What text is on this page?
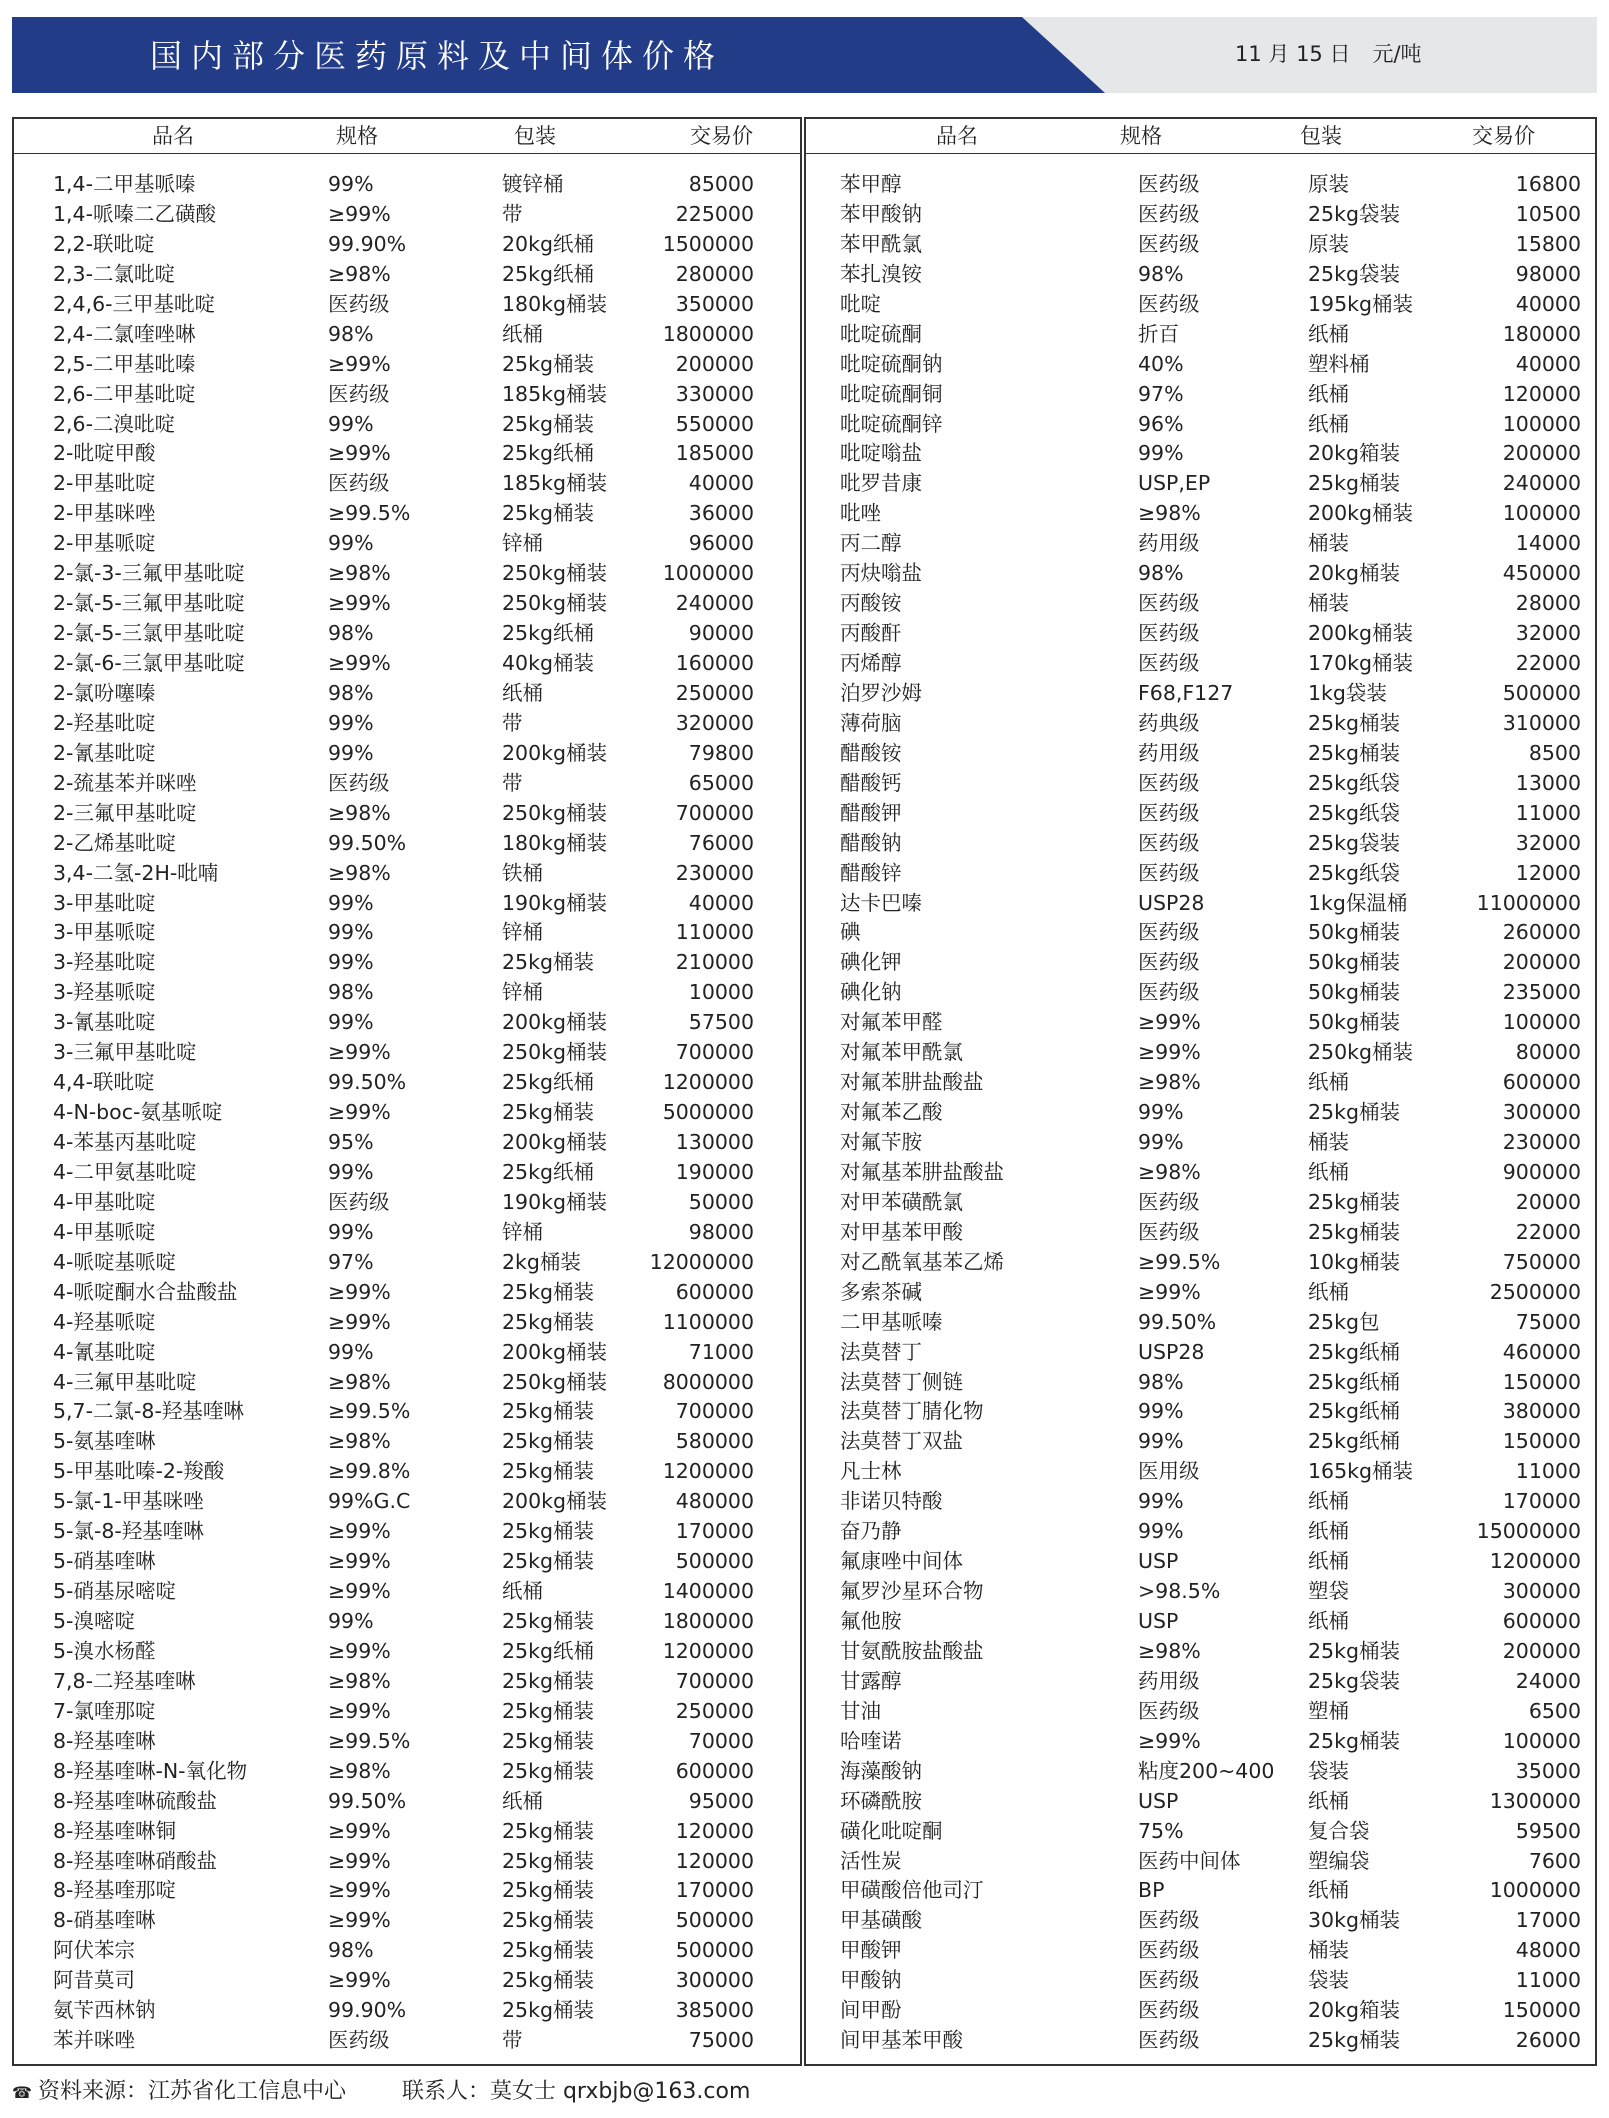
国内部分医药原料及中间体价格	11 月 15 日 元/吨
品名	规格	包装	交易价
1,4-二甲基哌嗪	99%	镀锌桶	85000
1,4-哌嗪二乙磺酸	≥99%	带	225000
2,2-联吡啶	99.90%	20kg纸桶	1500000
2,3-二氯吡啶	≥98%	25kg纸桶	280000
2,4,6-三甲基吡啶	医药级	180kg桶装	350000
2,4-二氯喹唑啉	98%	纸桶	1800000
2,5-二甲基吡嗪	≥99%	25kg桶装	200000
2,6-二甲基吡啶	医药级	185kg桶装	330000
2,6-二溴吡啶	99%	25kg桶装	550000
2-吡啶甲酸	≥99%	25kg纸桶	185000
2-甲基吡啶	医药级	185kg桶装	40000
2-甲基咪唑	≥99.5%	25kg桶装	36000
2-甲基哌啶	99%	锌桶	96000
2-氯-3-三氟甲基吡啶	≥98%	250kg桶装	1000000
2-氯-5-三氟甲基吡啶	≥99%	250kg桶装	240000
2-氯-5-三氯甲基吡啶	98%	25kg纸桶	90000
2-氯-6-三氯甲基吡啶	≥99%	40kg桶装	160000
2-氯吩噻嗪	98%	纸桶	250000
2-羟基吡啶	99%	带	320000
2-氰基吡啶	99%	200kg桶装	79800
2-巯基苯并咪唑	医药级	带	65000
2-三氟甲基吡啶	≥98%	250kg桶装	700000
2-乙烯基吡啶	99.50%	180kg桶装	76000
3,4-二氢-2H-吡喃	≥98%	铁桶	230000
3-甲基吡啶	99%	190kg桶装	40000
3-甲基哌啶	99%	锌桶	110000
3-羟基吡啶	99%	25kg桶装	210000
3-羟基哌啶	98%	锌桶	10000
3-氰基吡啶	99%	200kg桶装	57500
3-三氟甲基吡啶	≥99%	250kg桶装	700000
4,4-联吡啶	99.50%	25kg纸桶	1200000
4-N-boc-氨基哌啶	≥99%	25kg桶装	5000000
4-苯基丙基吡啶	95%	200kg桶装	130000
4-二甲氨基吡啶	99%	25kg纸桶	190000
4-甲基吡啶	医药级	190kg桶装	50000
4-甲基哌啶	99%	锌桶	98000
4-哌啶基哌啶	97%	2kg桶装	12000000
4-哌啶酮水合盐酸盐	≥99%	25kg桶装	600000
4-羟基哌啶	≥99%	25kg桶装	1100000
4-氰基吡啶	99%	200kg桶装	71000
4-三氟甲基吡啶	≥98%	250kg桶装	8000000
5,7-二氯-8-羟基喹啉	≥99.5%	25kg桶装	700000
5-氨基喹啉	≥98%	25kg桶装	580000
5-甲基吡嗪-2-羧酸	≥99.8%	25kg桶装	1200000
5-氯-1-甲基咪唑	99%G.C	200kg桶装	480000
5-氯-8-羟基喹啉	≥99%	25kg桶装	170000
5-硝基喹啉	≥99%	25kg桶装	500000
5-硝基尿嘧啶	≥99%	纸桶	1400000
5-溴嘧啶	99%	25kg桶装	1800000
5-溴水杨醛	≥99%	25kg纸桶	1200000
7,8-二羟基喹啉	≥98%	25kg桶装	700000
7-氯喹那啶	≥99%	25kg桶装	250000
8-羟基喹啉	≥99.5%	25kg桶装	70000
8-羟基喹啉-N-氧化物	≥98%	25kg桶装	600000
8-羟基喹啉硫酸盐	99.50%	纸桶	95000
8-羟基喹啉铜	≥99%	25kg桶装	120000
8-羟基喹啉硝酸盐	≥99%	25kg桶装	120000
8-羟基喹那啶	≥99%	25kg桶装	170000
8-硝基喹啉	≥99%	25kg桶装	500000
阿伏苯宗	98%	25kg桶装	500000
阿昔莫司	≥99%	25kg桶装	300000
氨苄西林钠	99.90%	25kg桶装	385000
苯并咪唑	医药级	带	75000
品名	规格	包装	交易价
苯甲醇	医药级	原装	16800
苯甲酸钠	医药级	25kg袋装	10500
苯甲酰氯	医药级	原装	15800
苯扎溴铵	98%	25kg袋装	98000
吡啶	医药级	195kg桶装	40000
吡啶硫酮	折百	纸桶	180000
吡啶硫酮钠	40%	塑料桶	40000
吡啶硫酮铜	97%	纸桶	120000
吡啶硫酮锌	96%	纸桶	100000
吡啶嗡盐	99%	20kg箱装	200000
吡罗昔康	USP,EP	25kg桶装	240000
吡唑	≥98%	200kg桶装	100000
丙二醇	药用级	桶装	14000
丙炔嗡盐	98%	20kg桶装	450000
丙酸铵	医药级	桶装	28000
丙酸酐	医药级	200kg桶装	32000
丙烯醇	医药级	170kg桶装	22000
泊罗沙姆	F68,F127	1kg袋装	500000
薄荷脑	药典级	25kg桶装	310000
醋酸铵	药用级	25kg桶装	8500
醋酸钙	医药级	25kg纸袋	13000
醋酸钾	医药级	25kg纸袋	11000
醋酸钠	医药级	25kg袋装	32000
醋酸锌	医药级	25kg纸袋	12000
达卡巴嗪	USP28	1kg保温桶	11000000
碘	医药级	50kg桶装	260000
碘化钾	医药级	50kg桶装	200000
碘化钠	医药级	50kg桶装	235000
对氟苯甲醛	≥99%	50kg桶装	100000
对氟苯甲酰氯	≥99%	250kg桶装	80000
对氟苯肼盐酸盐	≥98%	纸桶	600000
对氟苯乙酸	99%	25kg桶装	300000
对氟苄胺	99%	桶装	230000
对氟基苯肼盐酸盐	≥98%	纸桶	900000
对甲苯磺酰氯	医药级	25kg桶装	20000
对甲基苯甲酸	医药级	25kg桶装	22000
对乙酰氧基苯乙烯	≥99.5%	10kg桶装	750000
多索茶碱	≥99%	纸桶	2500000
二甲基哌嗪	99.50%	25kg包	75000
法莫替丁	USP28	25kg纸桶	460000
法莫替丁侧链	98%	25kg纸桶	150000
法莫替丁腈化物	99%	25kg纸桶	380000
法莫替丁双盐	99%	25kg纸桶	150000
凡士林	医用级	165kg桶装	11000
非诺贝特酸	99%	纸桶	170000
奋乃静	99%	纸桶	15000000
氟康唑中间体	USP	纸桶	1200000
氟罗沙星环合物	>98.5%	塑袋	300000
氟他胺	USP	纸桶	600000
甘氨酰胺盐酸盐	≥98%	25kg桶装	200000
甘露醇	药用级	25kg袋装	24000
甘油	医药级	塑桶	6500
哈喹诺	≥99%	25kg桶装	100000
海藻酸钠	粘度200~400 袋装	35000
环磷酰胺	USP	纸桶	1300000
磺化吡啶酮	75%	复合袋	59500
活性炭	医药中间体	塑编袋	7600
甲磺酸倍他司汀	BP	纸桶	1000000
甲基磺酸	医药级	30kg桶装	17000
甲酸钾	医药级	桶装	48000
甲酸钠	医药级	袋装	11000
间甲酚	医药级	20kg箱装	150000
间甲基苯甲酸	医药级	25kg桶装	26000
☎ 资料来源：江苏省化工信息中心	联系人：莫女士 qrxbjb@163.com
